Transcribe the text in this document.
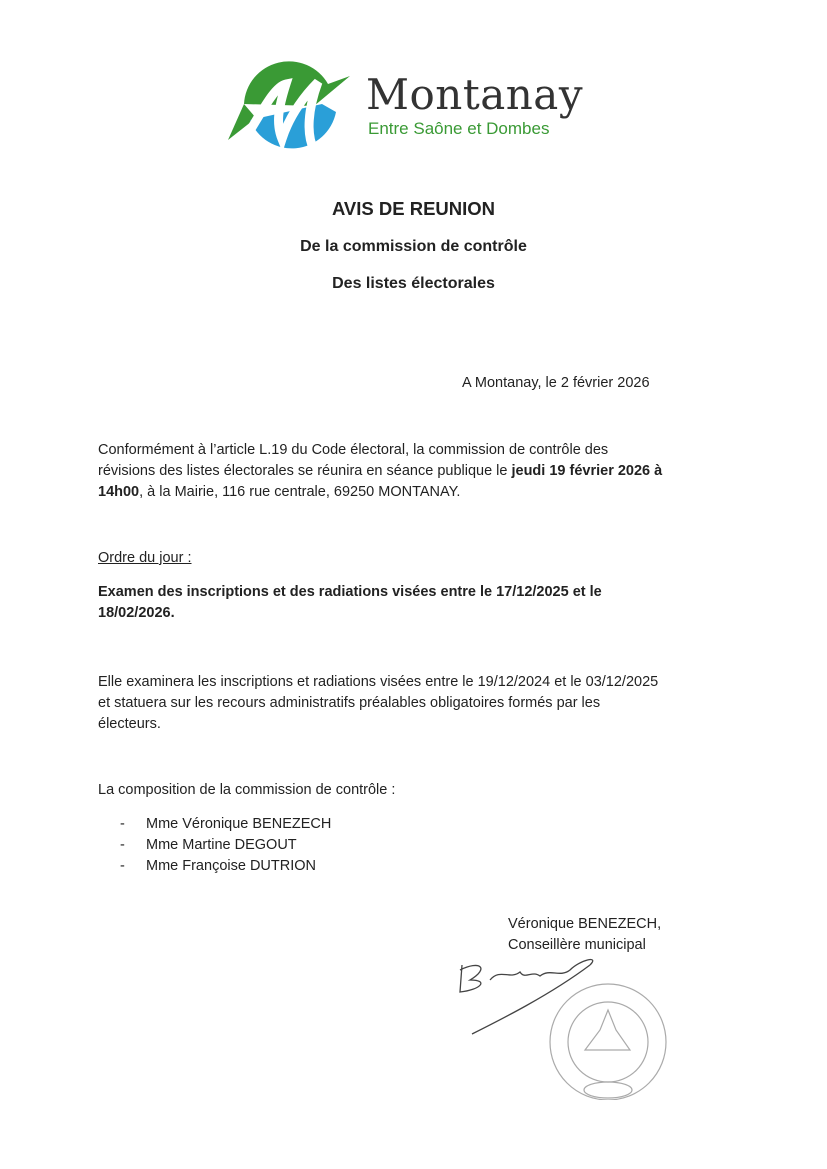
Montanay
Entre Saône et Dombes
AVIS DE REUNION
De la commission de contrôle
Des listes électorales
A Montanay, le 2 février 2026
Conformément à l’article L.19 du Code électoral, la commission de contrôle des
révisions des listes électorales se réunira en séance publique le jeudi 19 février 2026 à
14h00, à la Mairie, 116 rue centrale, 69250 MONTANAY.
Ordre du jour :
Examen des inscriptions et des radiations visées entre le 17/12/2025 et le
18/02/2026.
Elle examinera les inscriptions et radiations visées entre le 19/12/2024 et le 03/12/2025
et statuera sur les recours administratifs préalables obligatoires formés par les
électeurs.
La composition de la commission de contrôle :
- Mme Véronique BENEZECH
- Mme Martine DEGOUT
- Mme Françoise DUTRION
Véronique BENEZECH,
Conseillère municipal
